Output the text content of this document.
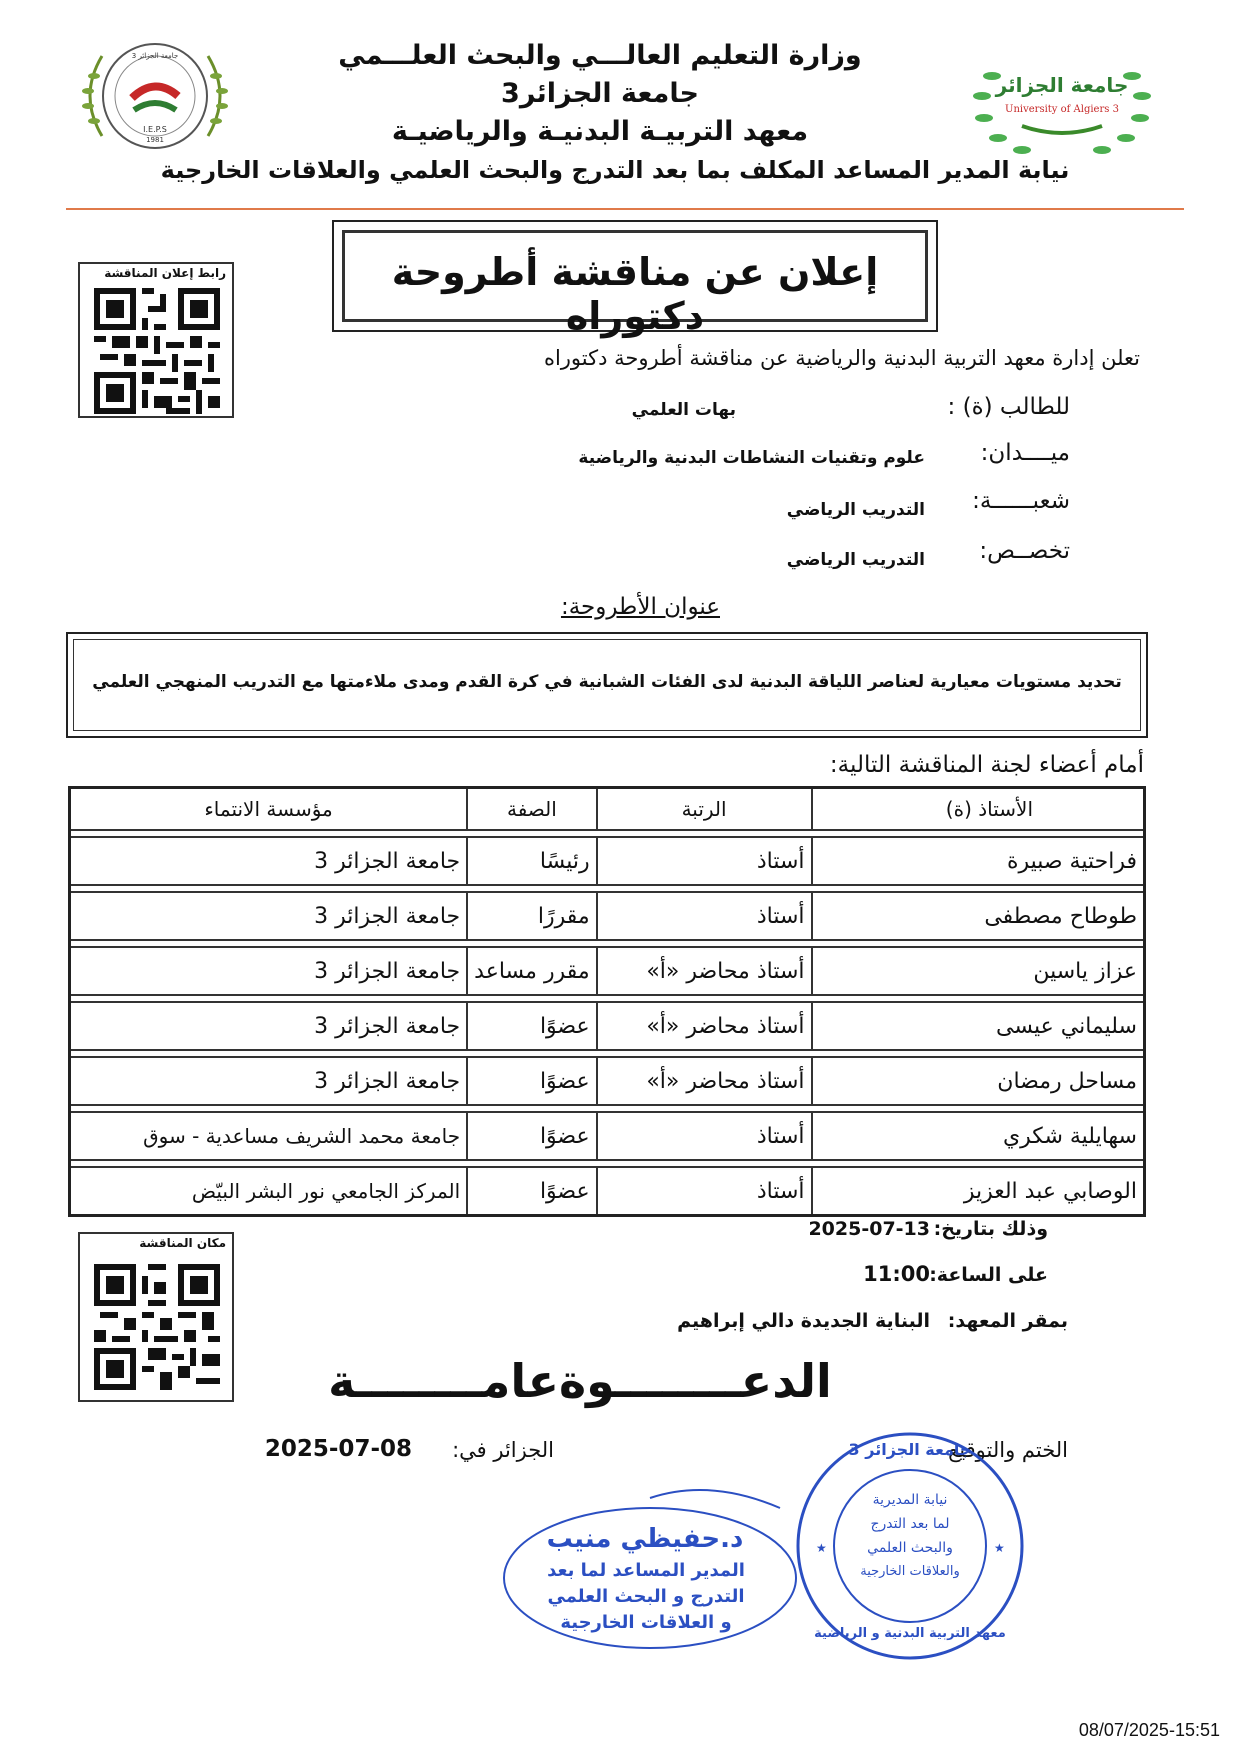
I.E.P.S
1981
جامعة الجزائر 3
جامعة الجزائر
University of Algiers 3
وزارة التعليم العالـــي والبحث العلـــمي
جامعة الجزائر3
معهد التربيـة البدنيـة والرياضيـة
نيابة المدير المساعد المكلف بما بعد التدرج والبحث العلمي والعلاقات الخارجية
إعلان عن مناقشة أطروحة دكتوراه
رابط إعلان المناقشة
تعلن إدارة معهد التربية البدنية والرياضية عن مناقشة أطروحة دكتوراه
للطالب (ة) :
بهات العلمي
ميــــدان:
علوم وتقنيات النشاطات البدنية والرياضية
شعبــــــة:
التدريب الرياضي
تخصــص:
التدريب الرياضي
عنوان الأطروحة:
تحديد مستويات معيارية لعناصر اللياقة البدنية لدى الفئات الشبانية في كرة القدم ومدى ملاءمتها مع التدريب المنهجي العلمي
أمام أعضاء لجنة المناقشة التالية:
الأستاذ (ة)	الرتبة	الصفة	مؤسسة الانتماء

فراحتية صبيرة	أستاذ	رئيسًا	جامعة الجزائر 3

طوطاح مصطفى	أستاذ	مقررًا	جامعة الجزائر 3

عزاز ياسين	أستاذ محاضر «أ»	مقرر مساعد	جامعة الجزائر 3

سليماني عيسى	أستاذ محاضر «أ»	عضوًا	جامعة الجزائر 3

مساحل رمضان	أستاذ محاضر «أ»	عضوًا	جامعة الجزائر 3

سهايلية شكري	أستاذ	عضوًا	جامعة محمد الشريف مساعدية - سوق

الوصابي عبد العزيز	أستاذ	عضوًا	المركز الجامعي نور البشر البيّض
مكان المناقشة
وذلك بتاريخ:
2025-07-13
على الساعة:
11:00
بمقر المعهد:
البناية الجديدة دالي إبراهيم
الدعــــــــوةعامــــــــة
الختم والتوقيع
الجزائر في:
2025-07-08
د.حفيظي منيب
المدير المساعد لما بعد
التدرج و البحث العلمي
و العلاقات الخارجية
★	★
جامعة الجزائر 3
معهد التربية البدنية و الرياضية
نيابة المديرية
لما بعد التدرج
والبحث العلمي
والعلاقات الخارجية
08/07/2025-15:51
